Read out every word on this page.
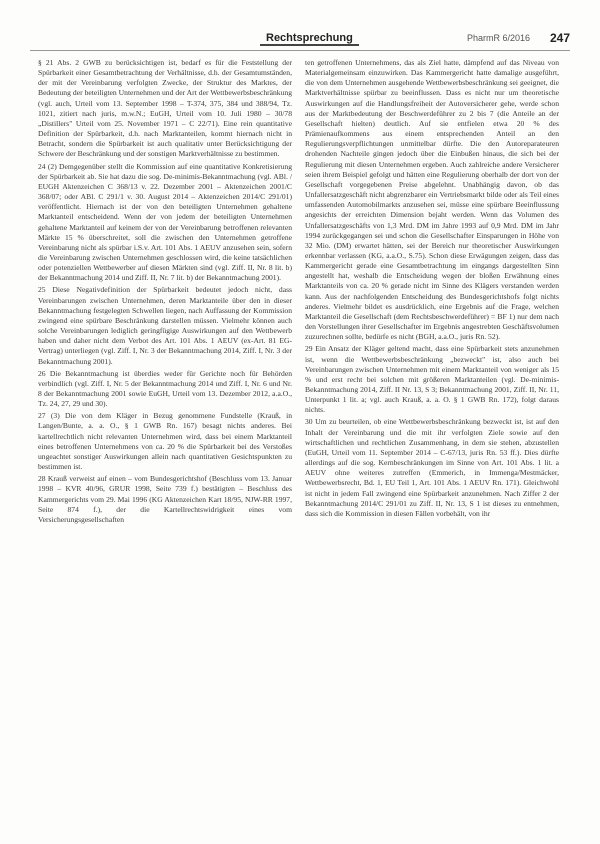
Rechtsprechung	PharmR 6/2016 247

§ 21 Abs. 2 GWB zu berücksichtigen ist, bedarf es für die Feststellung der Spürbarkeit einer Gesamtbetrachtung der Verhältnisse, d.h. der Gesamtumständen, der mit der Vereinbarung verfolgten Zwecke, der Struktur des Marktes, der Bedeutung der beteiligten Unternehmen und der Art der Wettbewerbsbeschränkung (vgl. auch, Urteil vom 13. September 1998 – T-374, 375, 384 und 388/94, Tz. 1021, zitiert nach juris, m.w.N.; EuGH, Urteil vom 10. Juli 1980 – 30/78 „Distillers" Urteil vom 25. November 1971 – C 22/71). Eine rein quantitative Definition der Spürbarkeit, d.h. nach Marktanteilen, kommt hiernach nicht in Betracht, sondern die Spürbarkeit ist auch qualitativ unter Berücksichtigung der Schwere der Beschränkung und der sonstigen Marktverhältnisse zu bestimmen.

24 (2) Demgegenüber stellt die Kommission auf eine quantitative Konkretisierung der Spürbarkeit ab. Sie hat dazu die sog. De-minimis-Bekanntmachung (vgl. ABl. / EUGH Aktenzeichen C 368/13 v. 22. Dezember 2001 – Aktenzeichen 2001/C 368/07; oder ABl. C 291/1 v. 30. August 2014 – Aktenzeichen 2014/C 291/01) veröffentlicht. Hiernach ist der von den beteiligten Unternehmen gehaltene Marktanteil entscheidend. Wenn der von jedem der beteiligten Unternehmen gehaltene Marktanteil auf keinem der von der Vereinbarung betroffenen relevanten Märkte 15 % überschreitet, soll die zwischen den Unternehmen getroffene Vereinbarung nicht als spürbar i.S.v. Art. 101 Abs. 1 AEUV anzusehen sein, sofern die Vereinbarung zwischen Unternehmen geschlossen wird, die keine tatsächlichen oder potenziellen Wettbewerber auf diesen Märkten sind (vgl. Ziff. II, Nr. 8 lit. b) der Bekanntmachung 2014 und Ziff. II, Nr. 7 lit. b) der Bekanntmachung 2001).

25 Diese Negativdefinition der Spürbarkeit bedeutet jedoch nicht, dass Vereinbarungen zwischen Unternehmen, deren Marktanteile über den in dieser Bekanntmachung festgelegten Schwellen liegen, nach Auffassung der Kommission zwingend eine spürbare Beschränkung darstellen müssen. Vielmehr können auch solche Vereinbarungen lediglich geringfügige Auswirkungen auf den Wettbewerb haben und daher nicht dem Verbot des Art. 101 Abs. 1 AEUV (ex-Art. 81 EG-Vertrag) unterliegen (vgl. Ziff. I, Nr. 3 der Bekanntmachung 2014, Ziff. I, Nr. 3 der Bekanntmachung 2001).

26 Die Bekanntmachung ist überdies weder für Gerichte noch für Behörden verbindlich (vgl. Ziff. I, Nr. 5 der Bekanntmachung 2014 und Ziff. I, Nr. 6 und Nr. 8 der Bekanntmachung 2001 sowie EuGH, Urteil vom 13. Dezember 2012, a.a.O., Tz. 24, 27, 29 und 30).

27 (3) Die von dem Kläger in Bezug genommene Fundstelle (Krauß, in Langen/Bunte, a. a. O., § 1 GWB Rn. 167) besagt nichts anderes. Bei kartellrechtlich nicht relevanten Unternehmen wird, dass bei einem Marktanteil eines betroffenen Unternehmens von ca. 20 % die Spürbarkeit bei des Verstoßes ungeachtet sonstiger Auswirkungen allein nach quantitativen Gesichtspunkten zu bestimmen ist.

28 Krauß verweist auf einen – vom Bundesgerichtshof (Beschluss vom 13. Januar 1998 – KVR 40/96, GRUR 1998, Seite 739 f.) bestätigten – Beschluss des Kammergerichts vom 29. Mai 1996 (KG Aktenzeichen Kart 18/95, NJW-RR 1997, Seite 874 f.), der die Kartellrechtswidrigkeit eines vom Versicherungsgesellschaften

ten getroffenen Unternehmens, das als Ziel hatte, dämpfend auf das Niveau von Materialgemeinsam einzuwirken. Das Kammergericht hatte damalige ausgeführt, die von dem Unternehmen ausgehende Wettbewerbsbeschränkung sei geeignet, die Marktverhältnisse spürbar zu beeinflussen. Dass es nicht nur um theoretische Auswirkungen auf die Handlungsfreiheit der Autoversicherer gehe, werde schon aus der Marktbedeutung der Beschwerdeführer zu 2 bis 7 (die Anteile an der Gesellschaft hielten) deutlich. Auf sie entfielen etwa 20 % des Prämienaufkommens aus einem entsprechenden Anteil an den Regulierungsverpflichtungen unmittelbar dürfte. Die den Autoreparateuren drohenden Nachteile gingen jedoch über die Einbußen hinaus, die sich bei der Regulierung mit diesen Unternehmen ergeben. Auch zahlreiche andere Versicherer seien ihrem Beispiel gefolgt und hätten eine Regulierung oberhalb der dort von der Gesellschaft vorgegebenen Preise abgelehnt. Unabhängig davon, ob das Unfallersatzgeschäft nicht abgrenzbarer ein Vertriebsmarkt bilde oder als Teil eines umfassenden Automobilmarkts anzusehen sei, müsse eine spürbare Beeinflussung angesichts der erreichten Dimension bejaht werden. Wenn das Volumen des Unfallersatzgeschäfts von 1,3 Mrd. DM im Jahre 1993 auf 0,9 Mrd. DM im Jahr 1994 zurückgegangen sei und schon die Gesellschafter Einsparungen in Höhe von 32 Mio. (DM) erwartet hätten, sei der Bereich nur theoretischer Auswirkungen erkennbar verlassen (KG, a.a.O., S.75). Schon diese Erwägungen zeigen, dass das Kammergericht gerade eine Gesamtbetrachtung im eingangs dargestellten Sinn angestellt hat, weshalb die Entscheidung wegen der bloßen Erwähnung eines Marktanteils von ca. 20 % gerade nicht im Sinne des Klägers verstanden werden kann. Aus der nachfolgenden Entscheidung des Bundesgerichtshofs folgt nichts anderes. Vielmehr bildet es ausdrücklich, eine Ergebnis auf die Frage, welchen Marktanteil die Gesellschaft (dem Rechtsbeschwerdeführer) = BF 1) nur dem nach den Vorstellungen ihrer Gesellschafter im Ergebnis angestrebten Geschäftsvolumen zuzurechnen sollte, bedürfe es nicht (BGH, a.a.O., juris Rn. 52).

29 Ein Ansatz der Kläger geltend macht, dass eine Spürbarkeit stets anzunehmen ist, wenn die Wettbewerbsbeschränkung „bezweckt" ist, also auch bei Vereinbarungen zwischen Unternehmen mit einem Marktanteil von weniger als 15 % und erst recht bei solchen mit größeren Marktanteilen (vgl. De-minimis-Bekanntmachung 2014, Ziff. II Nr. 13, S 3; Bekanntmachung 2001, Ziff. II, Nr. 11, Unterpunkt 1 lit. a; vgl. auch Krauß, a. a. O. § 1 GWB Rn. 172), folgt daraus nichts.

30 Um zu beurteilen, ob eine Wettbewerbsbeschränkung bezweckt ist, ist auf den Inhalt der Vereinbarung und die mit ihr verfolgten Ziele sowie auf den wirtschaftlichen und rechtlichen Zusammenhang, in dem sie stehen, abzustellen (EuGH, Urteil vom 11. September 2014 – C-67/13, juris Rn. 53 ff.). Dies dürfte allerdings auf die sog. Kernbeschränkungen im Sinne von Art. 101 Abs. 1 lit. a AEUV ohne weiteres zutreffen (Emmerich, in Immenga/Mestmäcker, Wettbewerbsrecht, Bd. 1, EU Teil 1, Art. 101 Abs. 1 AEUV Rn. 171). Gleichwohl ist nicht in jedem Fall zwingend eine Spürbarkeit anzunehmen. Nach Ziffer 2 der Bekanntmachung 2014/C 291/01 zu Ziff. II, Nr. 13, S 1 ist dieses zu entnehmen, dass sich die Kommission in diesen Fällen vorbehält, von ihr
